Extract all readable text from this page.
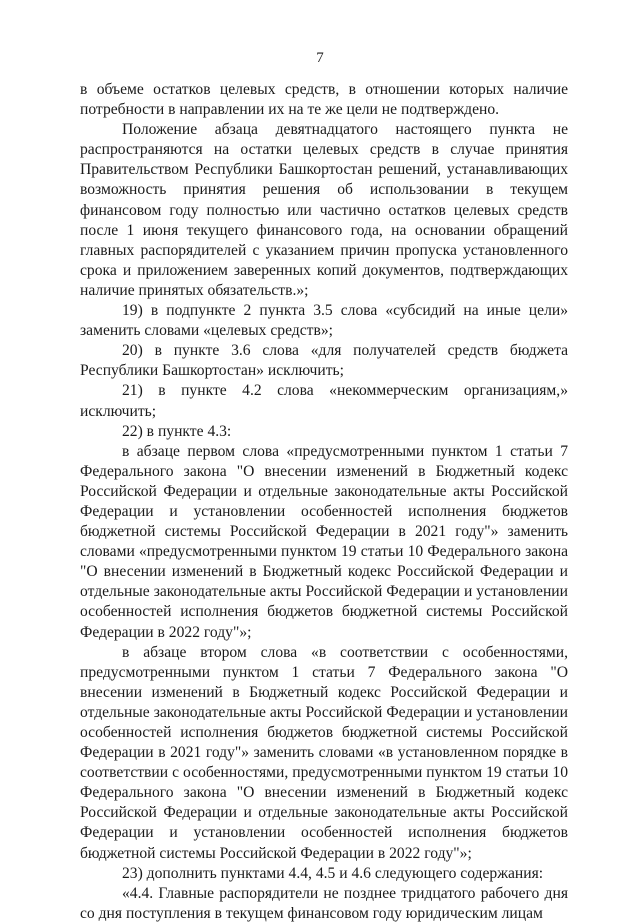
7

в объеме остатков целевых средств, в отношении которых наличие потребности в направлении их на те же цели не подтверждено.

Положение абзаца девятнадцатого настоящего пункта не распространяются на остатки целевых средств в случае принятия Правительством Республики Башкортостан решений, устанавливающих возможность принятия решения об использовании в текущем финансовом году полностью или частично остатков целевых средств после 1 июня текущего финансового года, на основании обращений главных распорядителей с указанием причин пропуска установленного срока и приложением заверенных копий документов, подтверждающих наличие принятых обязательств.»;

19) в подпункте 2 пункта 3.5 слова «субсидий на иные цели» заменить словами «целевых средств»;

20) в пункте 3.6 слова «для получателей средств бюджета Республики Башкортостан» исключить;

21) в пункте 4.2 слова «некоммерческим организациям,» исключить;

22) в пункте 4.3:

в абзаце первом слова «предусмотренными пунктом 1 статьи 7 Федерального закона "О внесении изменений в Бюджетный кодекс Российской Федерации и отдельные законодательные акты Российской Федерации и установлении особенностей исполнения бюджетов бюджетной системы Российской Федерации в 2021 году"» заменить словами «предусмотренными пунктом 19 статьи 10 Федерального закона "О внесении изменений в Бюджетный кодекс Российской Федерации и отдельные законодательные акты Российской Федерации и установлении особенностей исполнения бюджетов бюджетной системы Российской Федерации в 2022 году"»;

в абзаце втором слова «в соответствии с особенностями, предусмотренными пунктом 1 статьи 7 Федерального закона "О внесении изменений в Бюджетный кодекс Российской Федерации и отдельные законодательные акты Российской Федерации и установлении особенностей исполнения бюджетов бюджетной системы Российской Федерации в 2021 году"» заменить словами «в установленном порядке в соответствии с особенностями, предусмотренными пунктом 19 статьи 10 Федерального закона "О внесении изменений в Бюджетный кодекс Российской Федерации и отдельные законодательные акты Российской Федерации и установлении особенностей исполнения бюджетов бюджетной системы Российской Федерации в 2022 году"»;

23) дополнить пунктами 4.4, 4.5 и 4.6 следующего содержания:

«4.4. Главные распорядители не позднее тридцатого рабочего дня со дня поступления в текущем финансовом году юридическим лицам
